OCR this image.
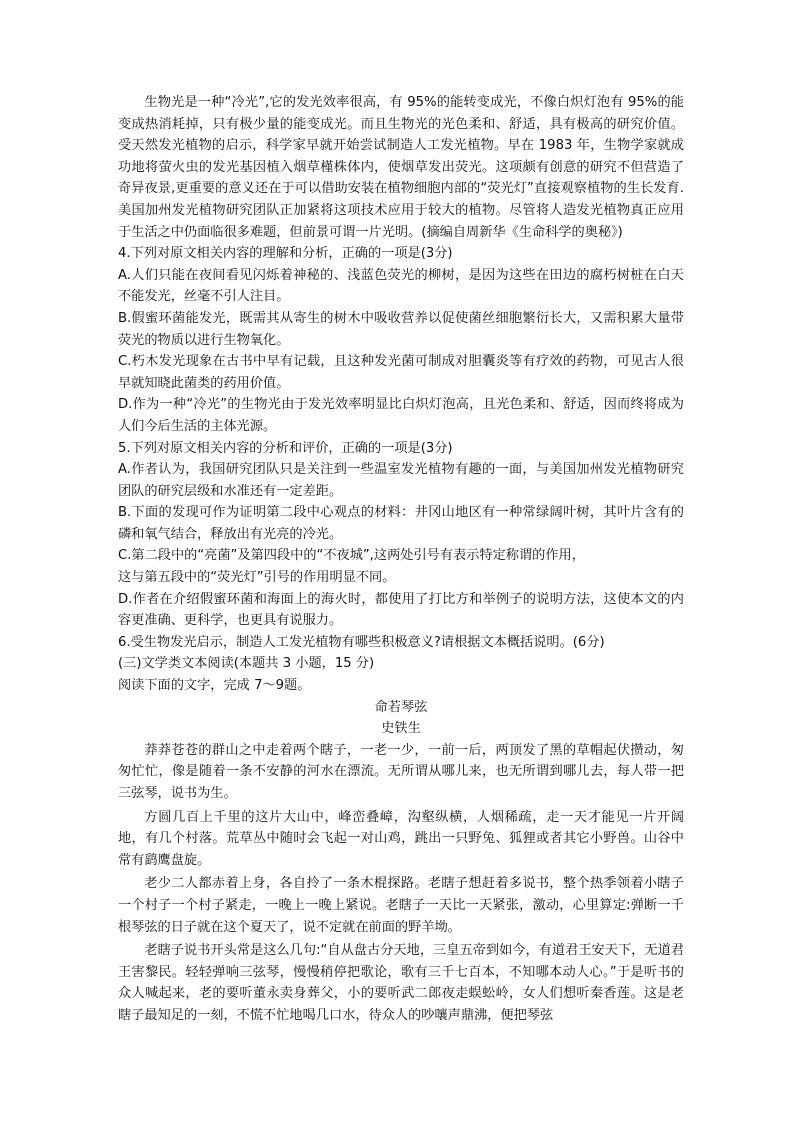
生物光是一种“冷光”,它的发光效率很高，有 95%的能转变成光，不像白炽灯泡有 95%的能变成热消耗掉，只有极少量的能变成光。而且生物光的光色柔和、舒适，具有极高的研究价值。受天然发光植物的启示，科学家早就开始尝试制造人工发光植物。早在 1983 年，生物学家就成功地将萤火虫的发光基因植入烟草槿株体内，使烟草发出荧光。这项颇有创意的研究不但营造了奇异夜景,更重要的意义还在于可以借助安装在植物细胞内部的“荧光灯”直接观察植物的生长发育.美国加州发光植物研究团队正加紧将这项技术应用于较大的植物。尽管将人造发光植物真正应用于生活之中仍面临很多难题，但前景可谓一片光明。(摘编自周新华《生命科学的奥秘》)

4.下列对原文相关内容的理解和分析，正确的一项是(3分)

A.人们只能在夜间看见闪烁着神秘的、浅蓝色荧光的柳树，是因为这些在田边的腐朽树桩在白天不能发光，丝毫不引人注目。

B.假蜜环菌能发光，既需其从寄生的树木中吸收营养以促使菌丝细胞繁衍长大，又需积累大量带荧光的物质以进行生物氧化。

C.朽木发光现象在古书中早有记载，且这种发光菌可制成对胆囊炎等有疗效的药物，可见古人很早就知晓此菌类的药用价值。

D.作为一种“冷光”的生物光由于发光效率明显比白炽灯泡高，且光色柔和、舒适，因而终将成为人们今后生活的主体光源。

5.下列对原文相关内容的分析和评价，正确的一项是(3分)

A.作者认为，我国研究团队只是关注到一些温室发光植物有趣的一面，与美国加州发光植物研究团队的研究层级和水准还有一定差距。

B.下面的发现可作为证明第二段中心观点的材料：井冈山地区有一种常绿阔叶树，其叶片含有的磷和氧气结合，释放出有光亮的冷光。

C.第二段中的“亮菌”及第四段中的“不夜城”,这两处引号有表示特定称谓的作用，

这与第五段中的“荧光灯”引号的作用明显不同。

D.作者在介绍假蜜环菌和海面上的海火时，都使用了打比方和举例子的说明方法，这使本文的内容更准确、更科学，也更具有说服力。

6.受生物发光启示，制造人工发光植物有哪些积极意义?请根据文本概括说明。(6分)

(三)文学类文本阅读(本题共 3 小题，15 分)

阅读下面的文字，完成 7～9题。

命若琴弦

史铁生

莽莽苍苍的群山之中走着两个瞎子，一老一少，一前一后，两顶发了黑的草帽起伏攒动，匆匆忙忙，像是随着一条不安静的河水在漂流。无所谓从哪儿来，也无所谓到哪儿去，每人带一把三弦琴，说书为生。

方圆几百上千里的这片大山中，峰峦叠嶂，沟壑纵横，人烟稀疏，走一天才能见一片开阔地，有几个村落。荒草丛中随时会飞起一对山鸡，跳出一只野兔、狐狸或者其它小野兽。山谷中常有鹞鹰盘旋。

老少二人都赤着上身，各自拎了一条木棍探路。老瞎子想赶着多说书，整个热季领着小瞎子一个村子一个村子紧走，一晚上一晚上紧说。老瞎子一天比一天紧张，激动，心里算定:弹断一千根琴弦的日子就在这个夏天了，说不定就在前面的野羊坳。

老瞎子说书开头常是这么几句:“自从盘古分天地，三皇五帝到如今，有道君王安天下，无道君王害黎民。轻轻弹响三弦琴，慢慢稍停把歌论，歌有三千七百本，不知哪本动人心。”于是听书的众人喊起来，老的要听董永卖身葬父，小的要听武二郎夜走蜈蚣岭，女人们想听秦香莲。这是老瞎子最知足的一刻，不慌不忙地喝几口水，待众人的吵嚷声鼎沸，便把琴弦
